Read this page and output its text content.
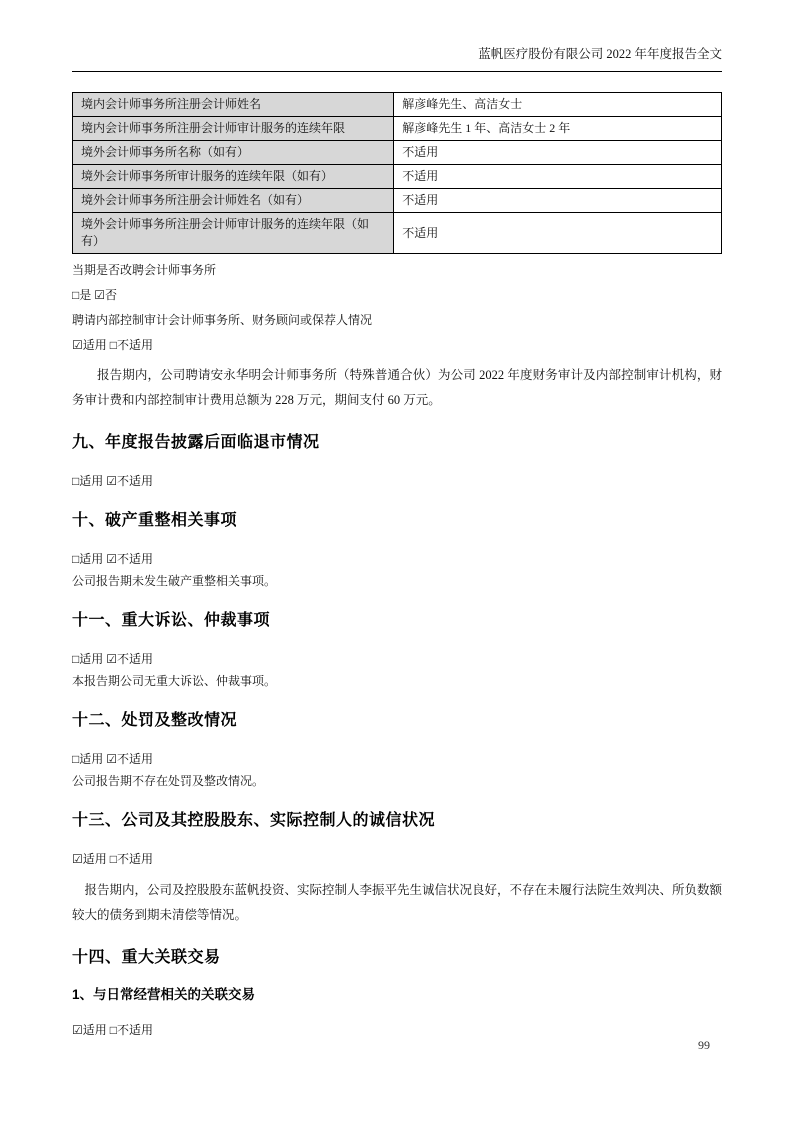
蓝帆医疗股份有限公司 2022 年年度报告全文
境内会计师事务所注册会计师姓名	解彦峰先生、高洁女士
境内会计师事务所注册会计师审计服务的连续年限	解彦峰先生 1 年、高洁女士 2 年
境外会计师事务所名称（如有）	不适用
境外会计师事务所审计服务的连续年限（如有）	不适用
境外会计师事务所注册会计师姓名（如有）	不适用
境外会计师事务所注册会计师审计服务的连续年限（如有）	不适用

当期是否改聘会计师事务所

□是 ☑否

聘请内部控制审计会计师事务所、财务顾问或保荐人情况

☑适用 □不适用

报告期内，公司聘请安永华明会计师事务所（特殊普通合伙）为公司 2022 年度财务审计及内部控制审计机构，财务审计费和内部控制审计费用总额为 228 万元，期间支付 60 万元。

九、年度报告披露后面临退市情况

□适用 ☑不适用

十、破产重整相关事项

□适用 ☑不适用

公司报告期未发生破产重整相关事项。

十一、重大诉讼、仲裁事项

□适用 ☑不适用

本报告期公司无重大诉讼、仲裁事项。

十二、处罚及整改情况

□适用 ☑不适用

公司报告期不存在处罚及整改情况。

十三、公司及其控股股东、实际控制人的诚信状况

☑适用 □不适用

报告期内，公司及控股股东蓝帆投资、实际控制人李振平先生诚信状况良好，不存在未履行法院生效判决、所负数额较大的债务到期未清偿等情况。

十四、重大关联交易
1、与日常经营相关的关联交易

☑适用 □不适用

99
